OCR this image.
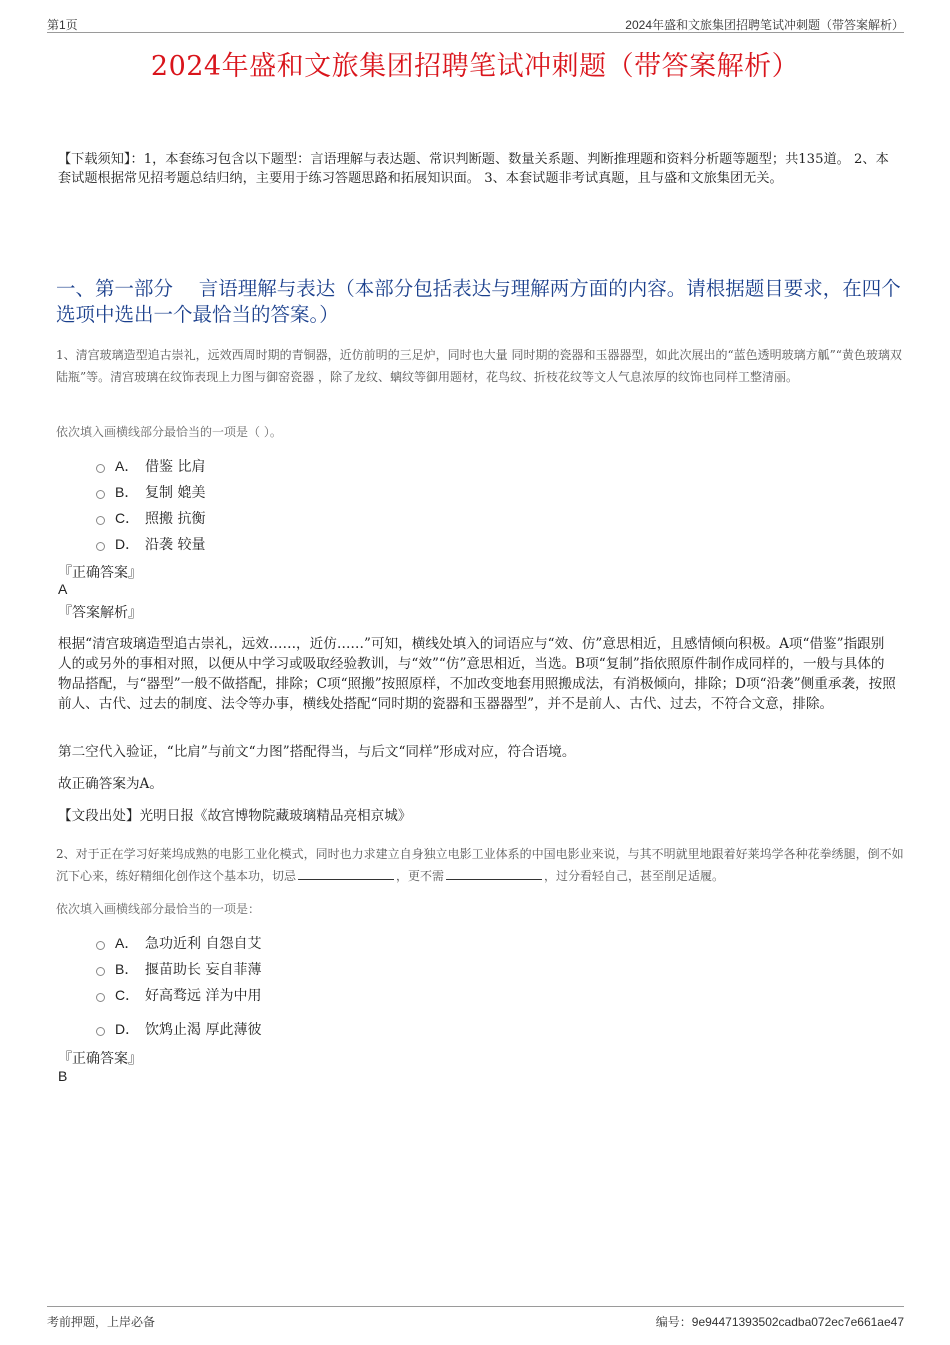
第1页	2024年盛和文旅集团招聘笔试冲刺题（带答案解析）
2024年盛和文旅集团招聘笔试冲刺题（带答案解析）
【下载须知】：1，本套练习包含以下题型：言语理解与表达题、常识判断题、数量关系题、判断推理题和资料分析题等题型；共135道。 2、本套试题根据常见招考题总结归纳，主要用于练习答题思路和拓展知识面。 3、本套试题非考试真题，且与盛和文旅集团无关。
一、第一部分　 言语理解与表达（本部分包括表达与理解两方面的内容。请根据题目要求，在四个选项中选出一个最恰当的答案。）
1、清宫玻璃造型追古崇礼，远效西周时期的青铜器，近仿前明的三足炉，同时也大量 同时期的瓷器和玉器器型，如此次展出的“蓝色透明玻璃方觚”“黄色玻璃双陆瓶”等。清宫玻璃在纹饰表现上力图与御窑瓷器 ，除了龙纹、螭纹等御用题材，花鸟纹、折枝花纹等文人气息浓厚的纹饰也同样工整清丽。
依次填入画横线部分最恰当的一项是（ ）。
A． 借鉴 比肩
B． 复制 媲美
C． 照搬 抗衡
D． 沿袭 较量
『正确答案』
A
『答案解析』
根据“清宫玻璃造型追古崇礼，远效……，近仿……”可知，横线处填入的词语应与“效、仿”意思相近，且感情倾向积极。A项“借鉴”指跟别人的或另外的事相对照，以便从中学习或吸取经验教训，与“效”“仿”意思相近，当选。B项“复制”指依照原件制作成同样的，一般与具体的物品搭配，与“器型”一般不做搭配，排除；C项“照搬”按照原样，不加改变地套用照搬成法，有消极倾向，排除；D项“沿袭”侧重承袭，按照前人、古代、过去的制度、法令等办事，横线处搭配“同时期的瓷器和玉器器型”，并不是前人、古代、过去，不符合文意，排除。
第二空代入验证，“比肩”与前文“力图”搭配得当，与后文“同样”形成对应，符合语境。
故正确答案为A。
【文段出处】光明日报《故宫博物院藏玻璃精品亮相京城》
2、对于正在学习好莱坞成熟的电影工业化模式，同时也力求建立自身独立电影工业体系的中国电影业来说，与其不明就里地跟着好莱坞学各种花拳绣腿，倒不如沉下心来，练好精细化创作这个基本功，切忌	，更不需	，过分看轻自己，甚至削足适履。
依次填入画横线部分最恰当的一项是：
A． 急功近利 自怨自艾
B． 揠苗助长 妄自菲薄
C． 好高骛远 洋为中用
D． 饮鸩止渴 厚此薄彼
『正确答案』
B
考前押题，上岸必备	编号：9e94471393502cadba072ec7e661ae47
